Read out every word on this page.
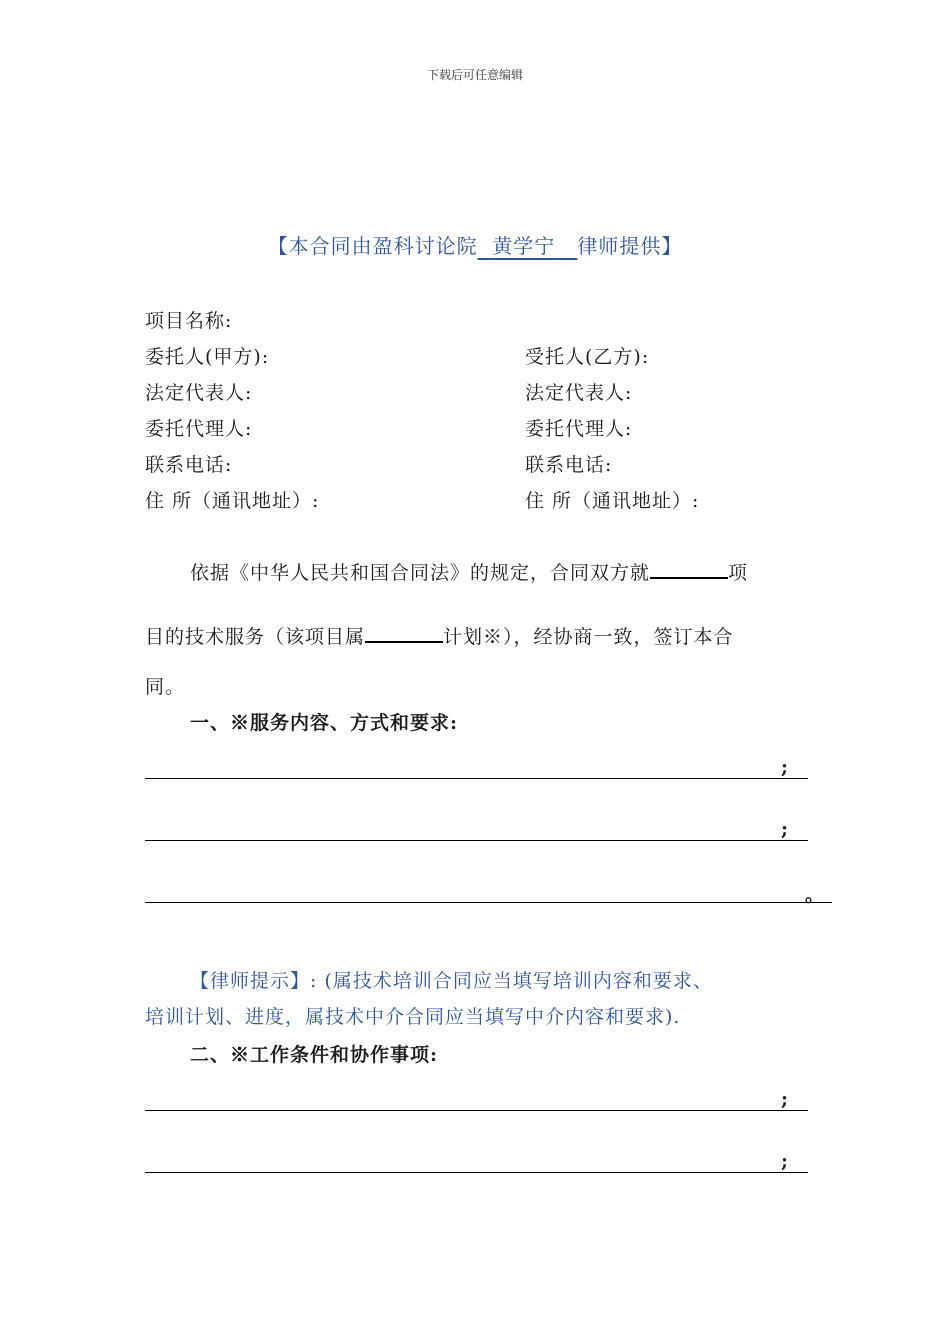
下载后可任意编辑
【本合同由盈科讨论院 黄学宁 律师提供】
项目名称:
委托人(甲方):	受托人(乙方):
法定代表人:	法定代表人:
委托代理人:	委托代理人:
联系电话:	联系电话:
住 所（通讯地址）:	住 所（通讯地址）:
依据《中华人民共和国合同法》的规定，合同双方就	项
目的技术服务（该项目属	计划※），经协商一致，签订本合
同。
一、※服务内容、方式和要求:
;
;
。
【律师提示】: (属技术培训合同应当填写培训内容和要求、
培训计划、进度，属技术中介合同应当填写中介内容和要求).
二、※工作条件和协作事项:
;
;
